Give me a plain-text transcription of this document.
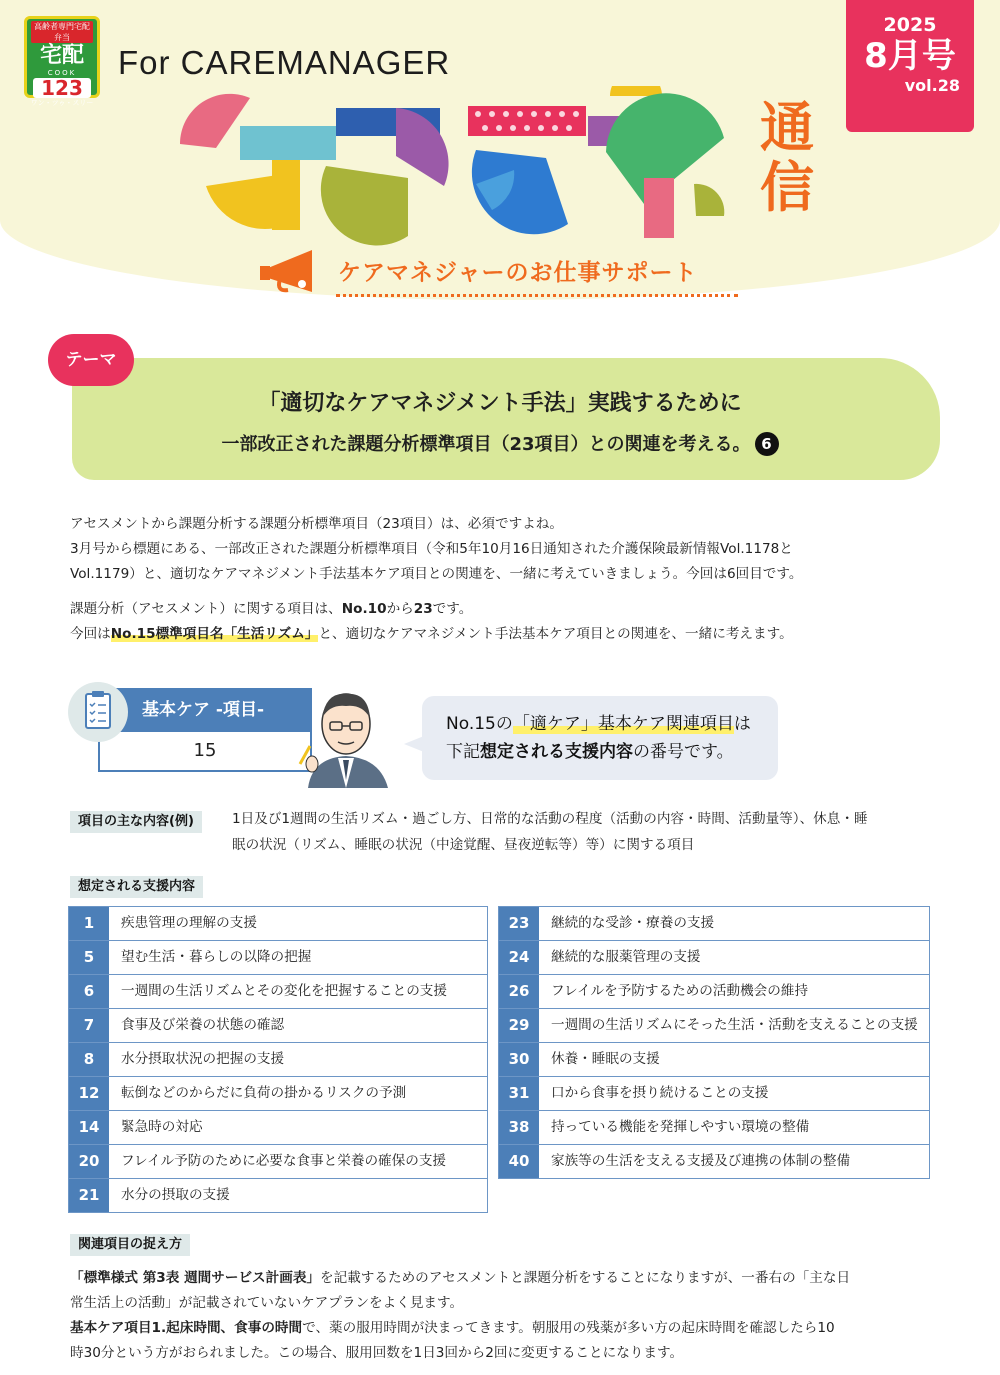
高齢者専門宅配弁当
宅配
COOK
123
ワン・ツゥ・スリー
For CAREMANAGER
2025
8月号
vol.28
通
信
ケアマネジャーのお仕事サポート
テーマ
「適切なケアマネジメント手法」実践するために
一部改正された課題分析標準項目（23項目）との関連を考える。 6
アセスメントから課題分析する課題分析標準項目（23項目）は、必須ですよね。
3月号から標題にある、一部改正された課題分析標準項目（令和5年10月16日通知された介護保険最新情報Vol.1178と
Vol.1179）と、適切なケアマネジメント手法基本ケア項目との関連を、一緒に考えていきましょう。今回は6回目です。
課題分析（アセスメント）に関する項目は、No.10から23です。
今回はNo.15標準項目名「生活リズム」と、適切なケアマネジメント手法基本ケア項目との関連を、一緒に考えます。
基本ケア -項目-
15
No.15の「適ケア」基本ケア関連項目は
下記想定される支援内容の番号です。
項目の主な内容(例)	1日及び1週間の生活リズム・過ごし方、日常的な活動の程度（活動の内容・時間、活動量等）、休息・睡
眠の状況（リズム、睡眠の状況（中途覚醒、昼夜逆転等）等）に関する項目
想定される支援内容
1	疾患管理の理解の支援
5	望む生活・暮らしの以降の把握
6	一週間の生活リズムとその変化を把握することの支援
7	食事及び栄養の状態の確認
8	水分摂取状況の把握の支援
12	転倒などのからだに負荷の掛かるリスクの予測
14	緊急時の対応
20	フレイル予防のために必要な食事と栄養の確保の支援
21	水分の摂取の支援
23	継続的な受診・療養の支援
24	継続的な服薬管理の支援
26	フレイルを予防するための活動機会の維持
29	一週間の生活リズムにそった生活・活動を支えることの支援
30	休養・睡眠の支援
31	口から食事を摂り続けることの支援
38	持っている機能を発揮しやすい環境の整備
40	家族等の生活を支える支援及び連携の体制の整備
関連項目の捉え方
「標準様式 第3表 週間サービス計画表」を記載するためのアセスメントと課題分析をすることになりますが、一番右の「主な日
常生活上の活動」が記載されていないケアプランをよく見ます。
基本ケア項目1.起床時間、食事の時間で、薬の服用時間が決まってきます。朝服用の残薬が多い方の起床時間を確認したら10
時30分という方がおられました。この場合、服用回数を1日3回から2回に変更することになります。
